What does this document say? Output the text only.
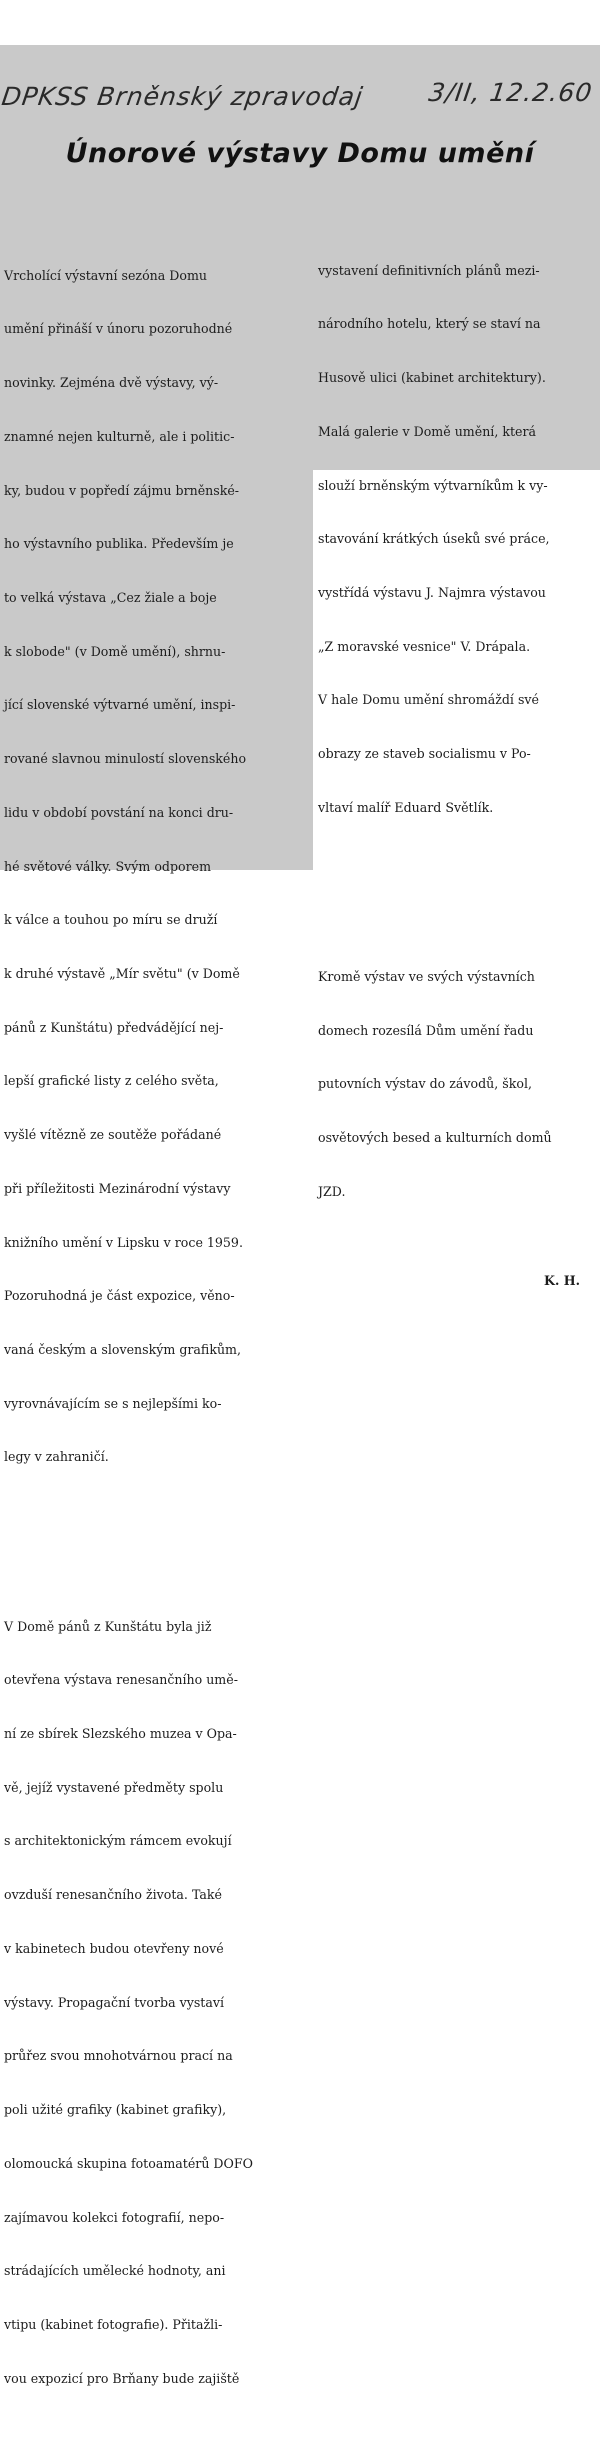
DPKSS Brněnský zpravodaj 3/II, 12.2.60
Únorové výstavy Domu umění

Vrcholící výstavní sezóna Domu

umění přináší v únoru pozoruhodné

novinky. Zejména dvě výstavy, vý-

znamné nejen kulturně, ale i politic-

ky, budou v popředí zájmu brněnské-

ho výstavního publika. Především je

to velká výstava „Cez žiale a boje

k slobode" (v Domě umění), shrnu-

jící slovenské výtvarné umění, inspi-

rované slavnou minulostí slovenského

lidu v období povstání na konci dru-

hé světové války. Svým odporem

k válce a touhou po míru se druží

k druhé výstavě „Mír světu" (v Domě

pánů z Kunštátu) předvádějící nej-

lepší grafické listy z celého světa,

vyšlé vítězně ze soutěže pořádané

při příležitosti Mezinárodní výstavy

knižního umění v Lipsku v roce 1959.

Pozoruhodná je část expozice, věno-

vaná českým a slovenským grafikům,

vyrovnávajícím se s nejlepšími ko-

legy v zahraničí.

V Domě pánů z Kunštátu byla již

otevřena výstava renesančního umě-

ní ze sbírek Slezského muzea v Opa-

vě, jejíž vystavené předměty spolu

s architektonickým rámcem evokují

ovzduší renesančního života. Také

v kabinetech budou otevřeny nové

výstavy. Propagační tvorba vystaví

průřez svou mnohotvárnou prací na

poli užité grafiky (kabinet grafiky),

olomoucká skupina fotoamatérů DOFO

zajímavou kolekci fotografií, nepo-

strádajících umělecké hodnoty, ani

vtipu (kabinet fotografie). Přitažli-

vou expozicí pro Brňany bude zajiště

vystavení definitivních plánů mezi-

národního hotelu, který se staví na

Husově ulici (kabinet architektury).

Malá galerie v Domě umění, která

slouží brněnským výtvarníkům k vy-

stavování krátkých úseků své práce,

vystřídá výstavu J. Najmra výstavou

„Z moravské vesnice" V. Drápala.

V hale Domu umění shromáždí své

obrazy ze staveb socialismu v Po-

vltaví malíř Eduard Světlík.

Kromě výstav ve svých výstavních

domech rozesílá Dům umění řadu

putovních výstav do závodů, škol,

osvětových besed a kulturních domů

JZD.

K. H.
